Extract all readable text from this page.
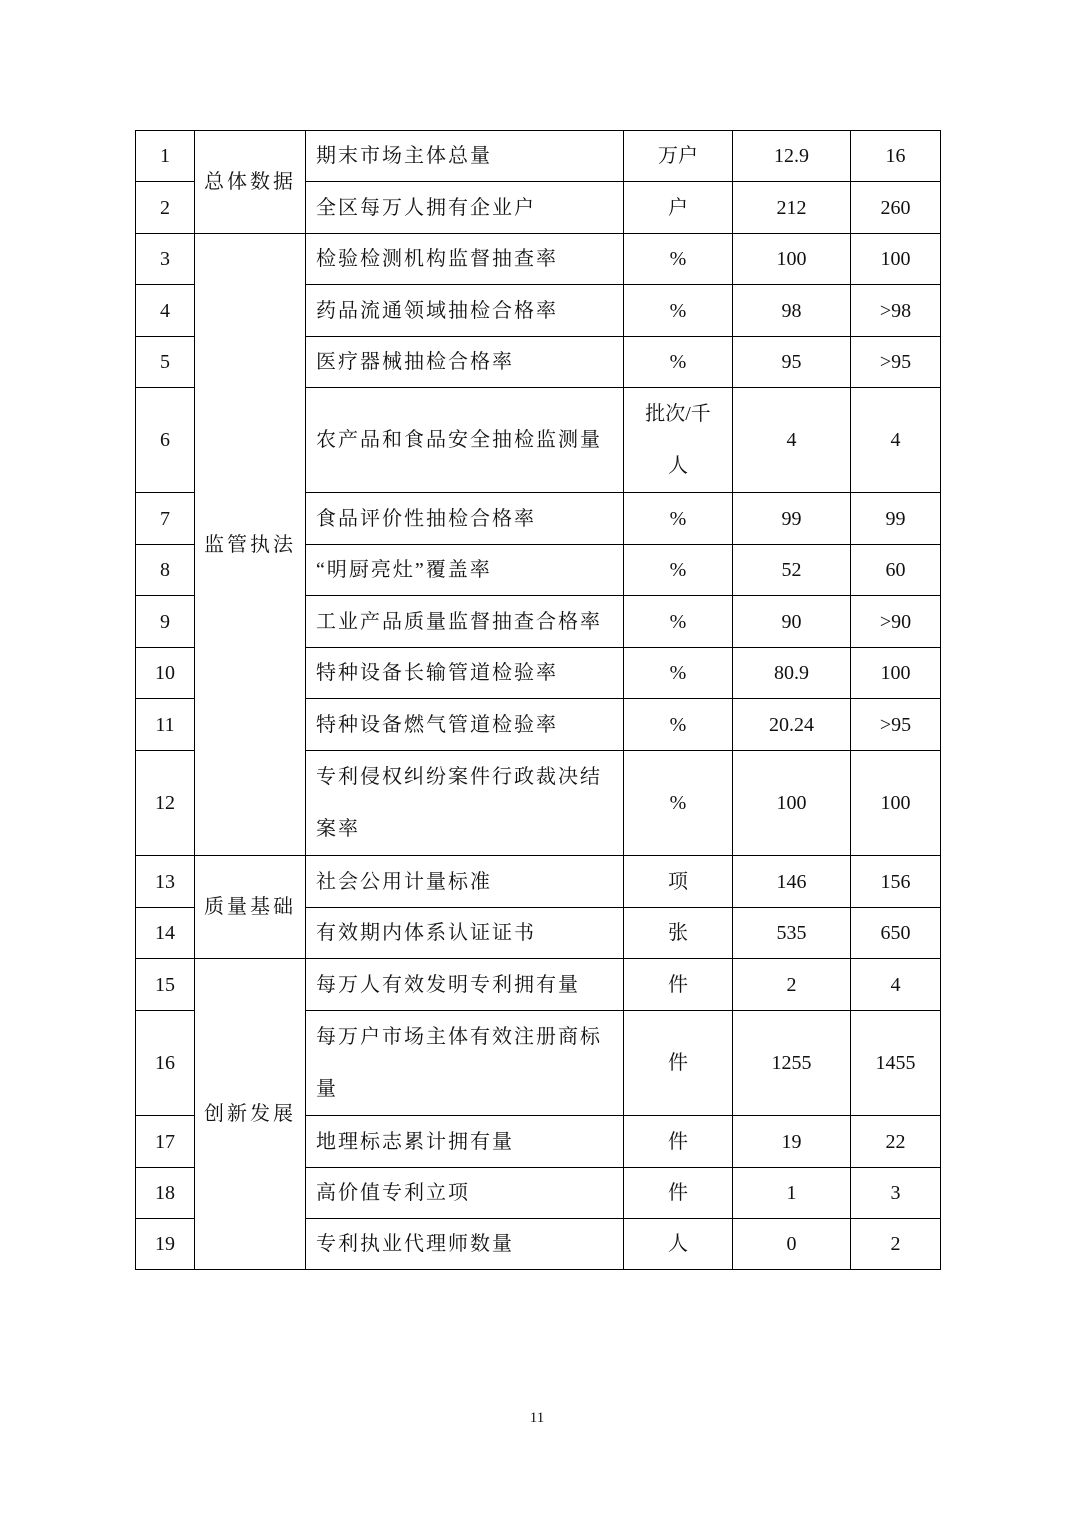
1	总体数据	期末市场主体总量	万户	12.9	16
2		全区每万人拥有企业户	户	212	260
3	监管执法	检验检测机构监督抽查率	%	100	100
4		药品流通领域抽检合格率	%	98	>98
5		医疗器械抽检合格率	%	95	>95
6		农产品和食品安全抽检监测量	批次/千人	4	4
7		食品评价性抽检合格率	%	99	99
8		“明厨亮灶”覆盖率	%	52	60
9		工业产品质量监督抽查合格率	%	90	>90
10		特种设备长输管道检验率	%	80.9	100
11		特种设备燃气管道检验率	%	20.24	>95
12		专利侵权纠纷案件行政裁决结案率	%	100	100
13	质量基础	社会公用计量标准	项	146	156
14		有效期内体系认证证书	张	535	650
15	创新发展	每万人有效发明专利拥有量	件	2	4
16		每万户市场主体有效注册商标量	件	1255	1455
17		地理标志累计拥有量	件	19	22
18		高价值专利立项	件	1	3
19		专利执业代理师数量	人	0	2
11
